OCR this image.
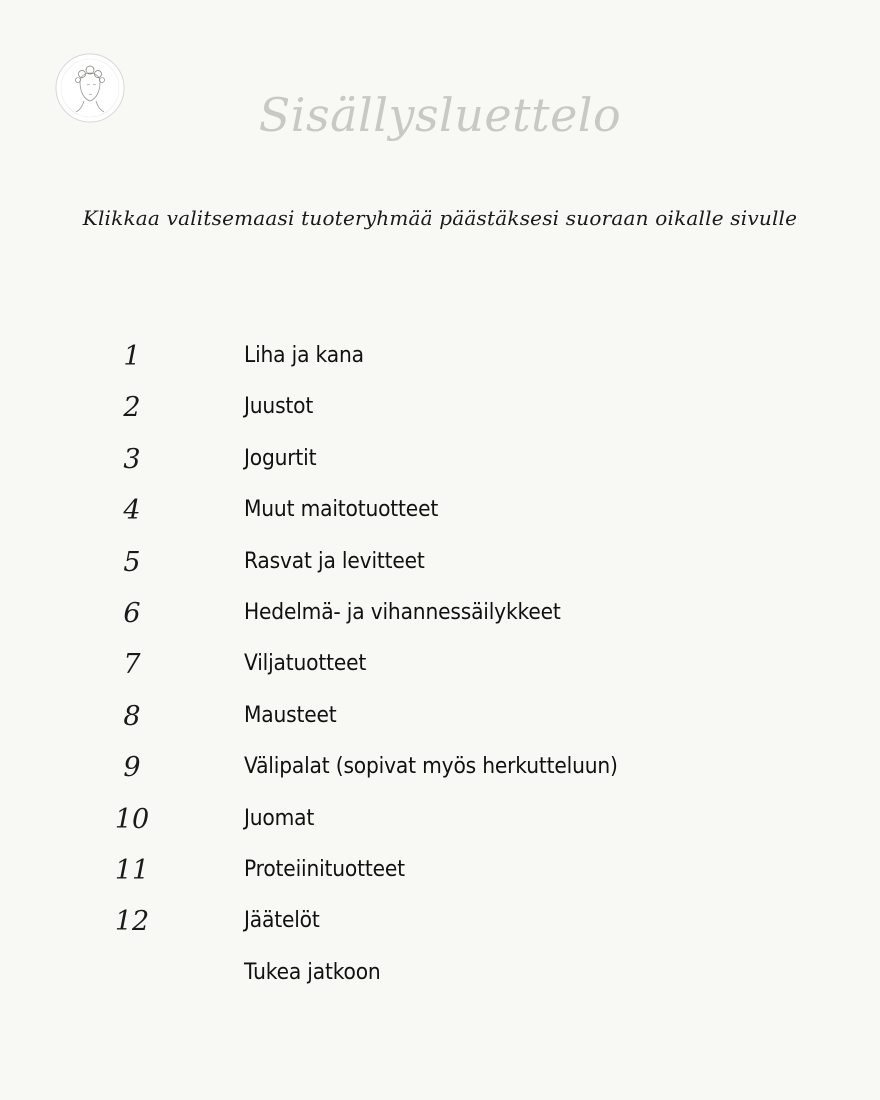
Sisällysluettelo
Klikkaa valitsemaasi tuoteryhmää päästäksesi suoraan oikalle sivulle
1	Liha ja kana
2	Juustot
3	Jogurtit
4	Muut maitotuotteet
5	Rasvat ja levitteet
6	Hedelmä- ja vihannessäilykkeet
7	Viljatuotteet
8	Mausteet
9	Välipalat (sopivat myös herkutteluun)
10	Juomat
11	Proteiinituotteet
12	Jäätelöt
Tukea jatkoon
